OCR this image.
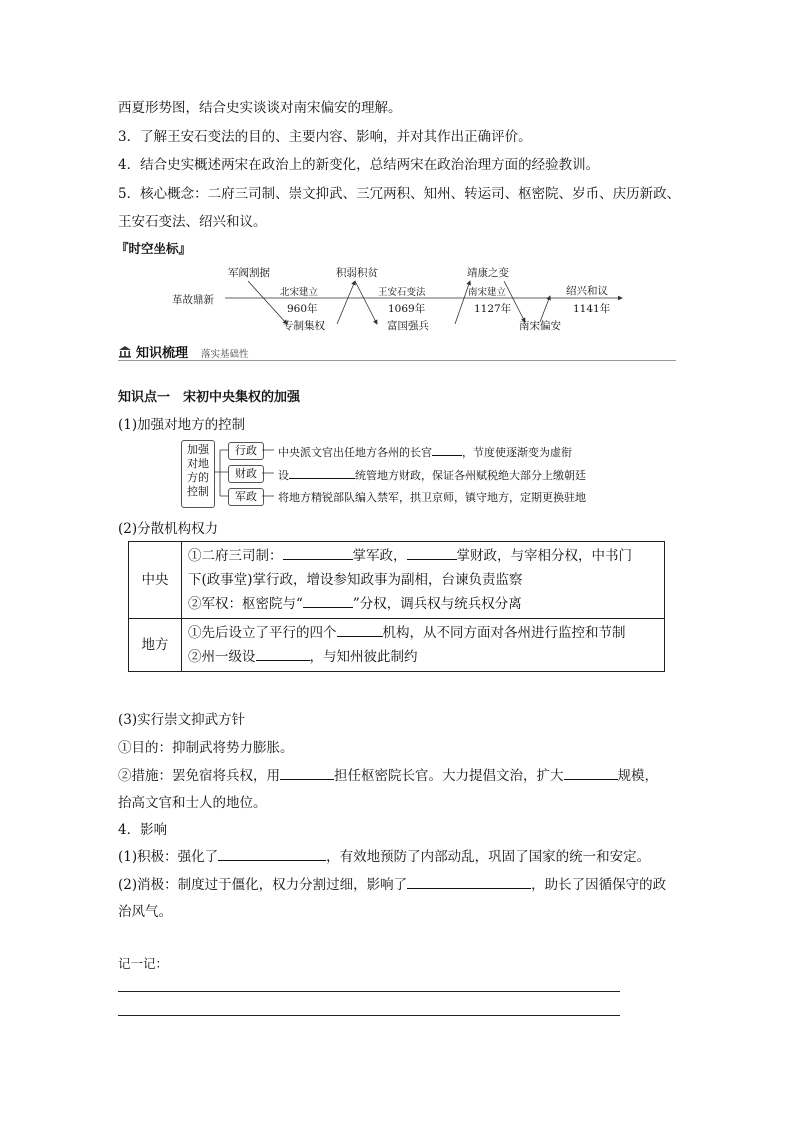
西夏形势图，结合史实谈谈对南宋偏安的理解。
3．了解王安石变法的目的、主要内容、影响，并对其作出正确评价。
4．结合史实概述两宋在政治上的新变化，总结两宋在政治治理方面的经验教训。
5．核心概念：二府三司制、崇文抑武、三冗两积、知州、转运司、枢密院、岁币、庆历新政、
王安石变法、绍兴和议。
『时空坐标』
革故鼎新
军阀割据	积弱积贫	靖康之变
绍兴和议
北宋建立	王安石变法	南宋建立
960年	1069年	1127年	1141年
专制集权	富国强兵	南宋偏安
知识梳理 落实基础性
知识点一　宋初中央集权的加强
(1)加强对地方的控制
加强对地方的控制
行政
财政
军政
中央派文官出任地方各州的长官	，节度使逐渐变为虚衔
设	统管地方财政，保证各州赋税绝大部分上缴朝廷
将地方精锐部队编入禁军，拱卫京师，镇守地方，定期更换驻地
(2)分散机构权力
中央	①二府三司制： 掌军政， 掌财政，与宰相分权，中书门
下(政事堂)掌行政，增设参知政事为副相，台谏负责监察
②军权：枢密院与“ ”分权，调兵权与统兵权分离

地方	①先后设立了平行的四个 机构，从不同方面对各州进行监控和节制
②州一级设 ，与知州彼此制约
(3)实行崇文抑武方针
①目的：抑制武将势力膨胀。
②措施：罢免宿将兵权，用	担任枢密院长官。大力提倡文治，扩大	规模，
抬高文官和士人的地位。
4．影响
(1)积极：强化了	，有效地预防了内部动乱，巩固了国家的统一和安定。
(2)消极：制度过于僵化，权力分割过细，影响了	，助长了因循保守的政
治风气。
记一记：
